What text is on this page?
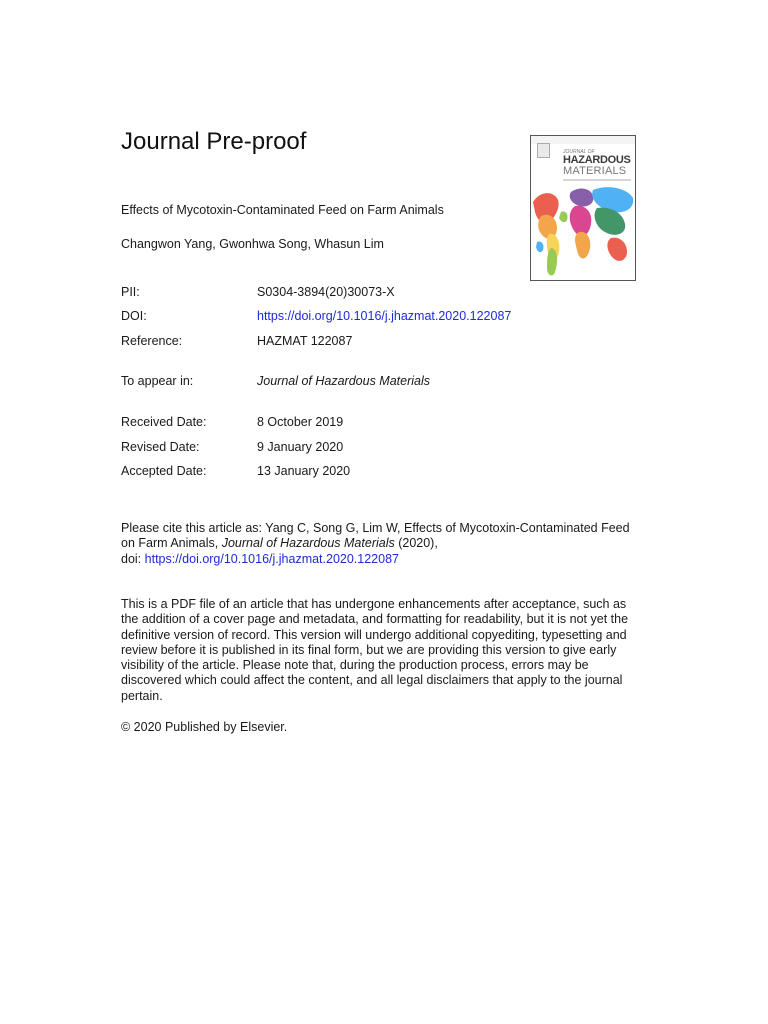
Journal Pre-proof	JOURNAL OF
HAZARDOUS
MATERIALS
Effects of Mycotoxin-Contaminated Feed on Farm Animals
Changwon Yang, Gwonhwa Song, Whasun Lim
PII:	S0304-3894(20)30073-X
DOI:	https://doi.org/10.1016/j.jhazmat.2020.122087
Reference:	HAZMAT 122087
To appear in:	Journal of Hazardous Materials
Received Date:	8 October 2019
Revised Date:	9 January 2020
Accepted Date:	13 January 2020
Please cite this article as: Yang C, Song G, Lim W, Effects of Mycotoxin-Contaminated Feed
on Farm Animals, Journal of Hazardous Materials (2020),
doi: https://doi.org/10.1016/j.jhazmat.2020.122087
This is a PDF file of an article that has undergone enhancements after acceptance, such as the addition of a cover page and metadata, and formatting for readability, but it is not yet the definitive version of record. This version will undergo additional copyediting, typesetting and review before it is published in its final form, but we are providing this version to give early visibility of the article. Please note that, during the production process, errors may be discovered which could affect the content, and all legal disclaimers that apply to the journal pertain.
© 2020 Published by Elsevier.
